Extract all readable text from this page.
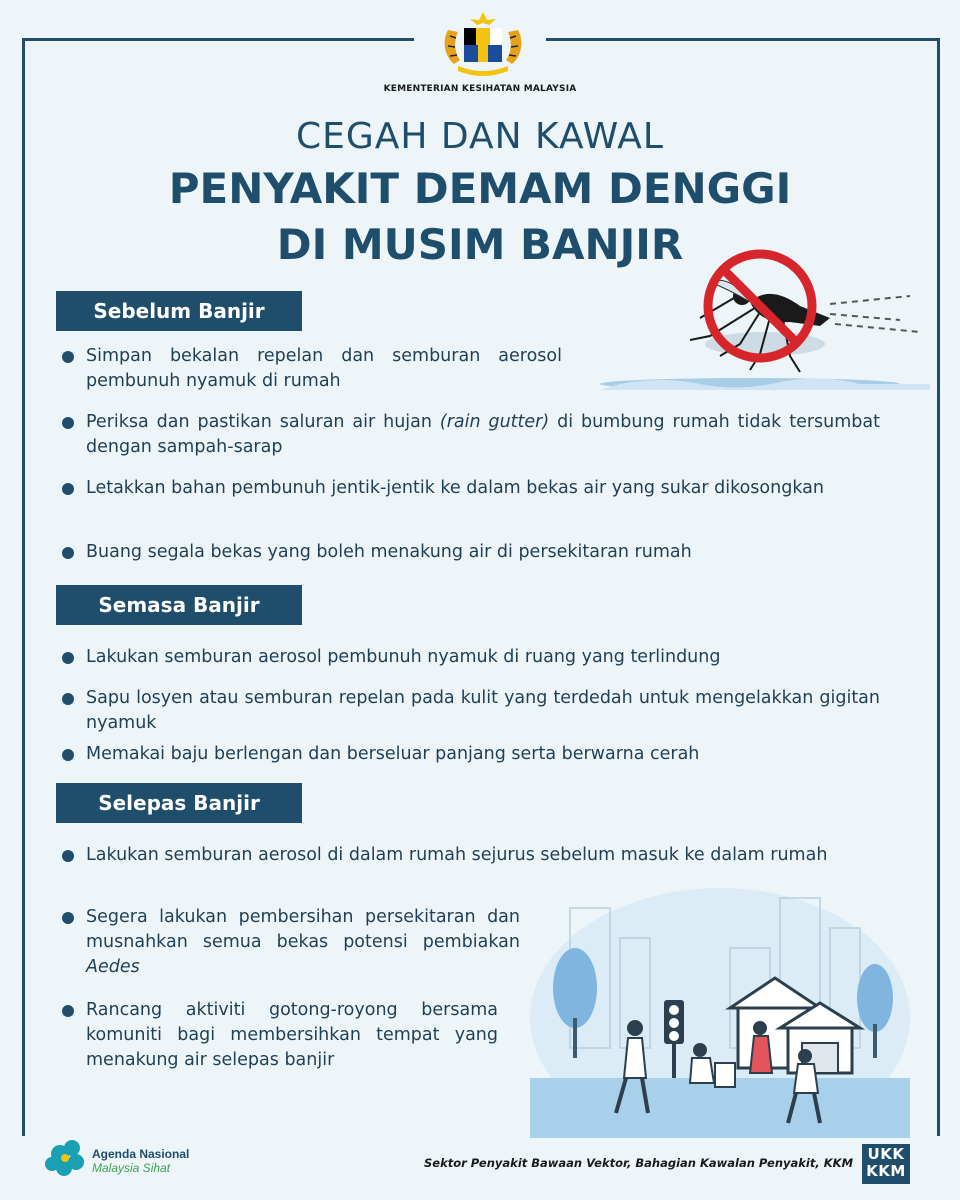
KEMENTERIAN KESIHATAN MALAYSIA
CEGAH DAN KAWAL
PENYAKIT DEMAM DENGGI
DI MUSIM BANJIR
Sebelum Banjir
Simpan bekalan repelan dan semburan aerosol pembunuh nyamuk di rumah
Periksa dan pastikan saluran air hujan (rain gutter) di bumbung rumah tidak tersumbat dengan sampah-sarap
Letakkan bahan pembunuh jentik-jentik ke dalam bekas air yang sukar dikosongkan
Buang segala bekas yang boleh menakung air di persekitaran rumah
Semasa Banjir
Lakukan semburan aerosol pembunuh nyamuk di ruang yang terlindung
Sapu losyen atau semburan repelan pada kulit yang terdedah untuk mengelakkan gigitan nyamuk
Memakai baju berlengan dan berseluar panjang serta berwarna cerah
Selepas Banjir
Lakukan semburan aerosol di dalam rumah sejurus sebelum masuk ke dalam rumah
Segera lakukan pembersihan persekitaran dan musnahkan semua bekas potensi pembiakan Aedes
Rancang aktiviti gotong-royong bersama komuniti bagi membersihkan tempat yang menakung air selepas banjir
Agenda Nasional
Malaysia Sihat	Sektor Penyakit Bawaan Vektor, Bahagian Kawalan Penyakit, KKM UKK
KKM
